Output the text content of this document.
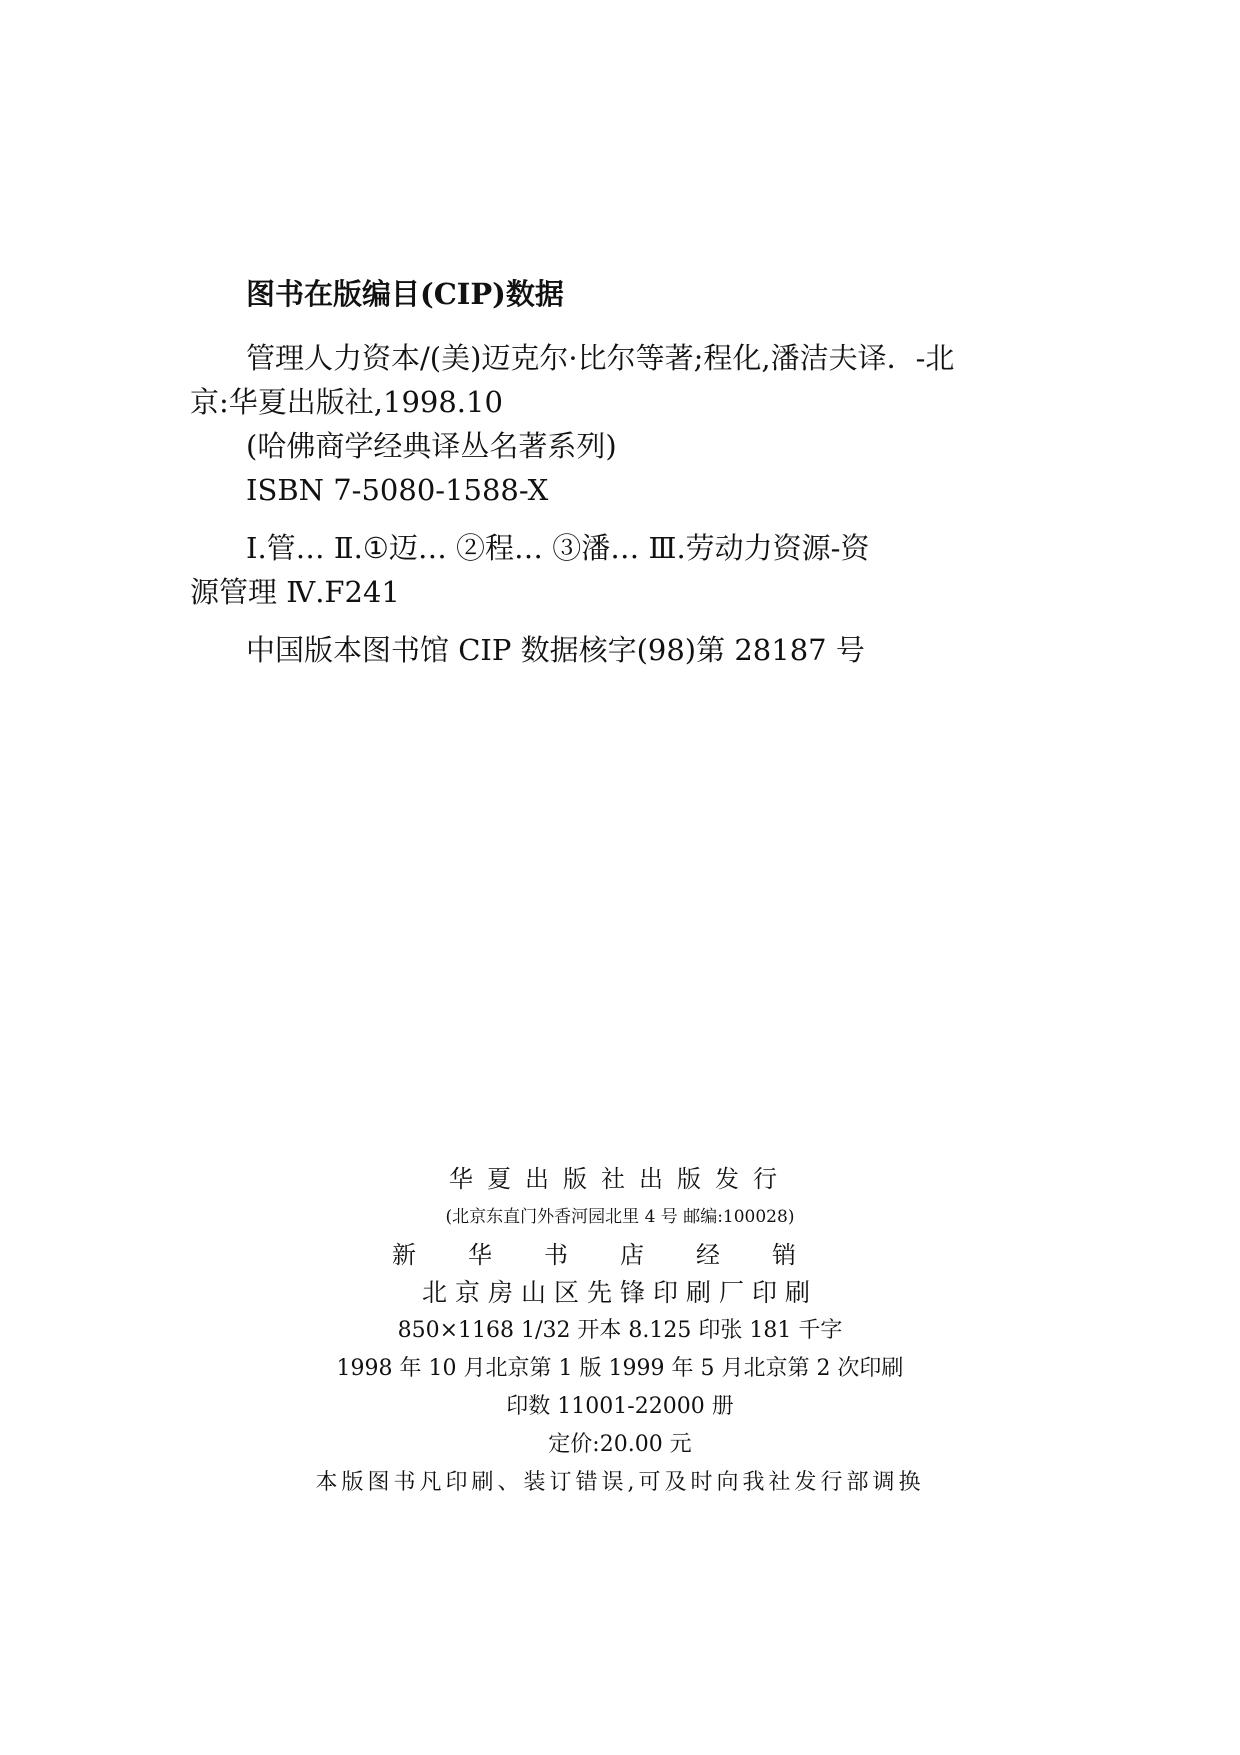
图书在版编目(CIP)数据
管理人力资本/(美)迈克尔·比尔等著;程化,潘洁夫译．-北
京:华夏出版社,1998.10
(哈佛商学经典译丛名著系列)
ISBN 7-5080-1588-X
Ⅰ.管… Ⅱ.①迈… ②程… ③潘… Ⅲ.劳动力资源-资
源管理 Ⅳ.F241
中国版本图书馆 CIP 数据核字(98)第 28187 号
华夏出版社出版发行
(北京东直门外香河园北里 4 号 邮编:100028)
新华书店经销
北京房山区先锋印刷厂印刷
850×1168 1/32 开本 8.125 印张 181 千字
1998 年 10 月北京第 1 版 1999 年 5 月北京第 2 次印刷
印数 11001-22000 册
定价:20.00 元
本版图书凡印刷、装订错误,可及时向我社发行部调换
